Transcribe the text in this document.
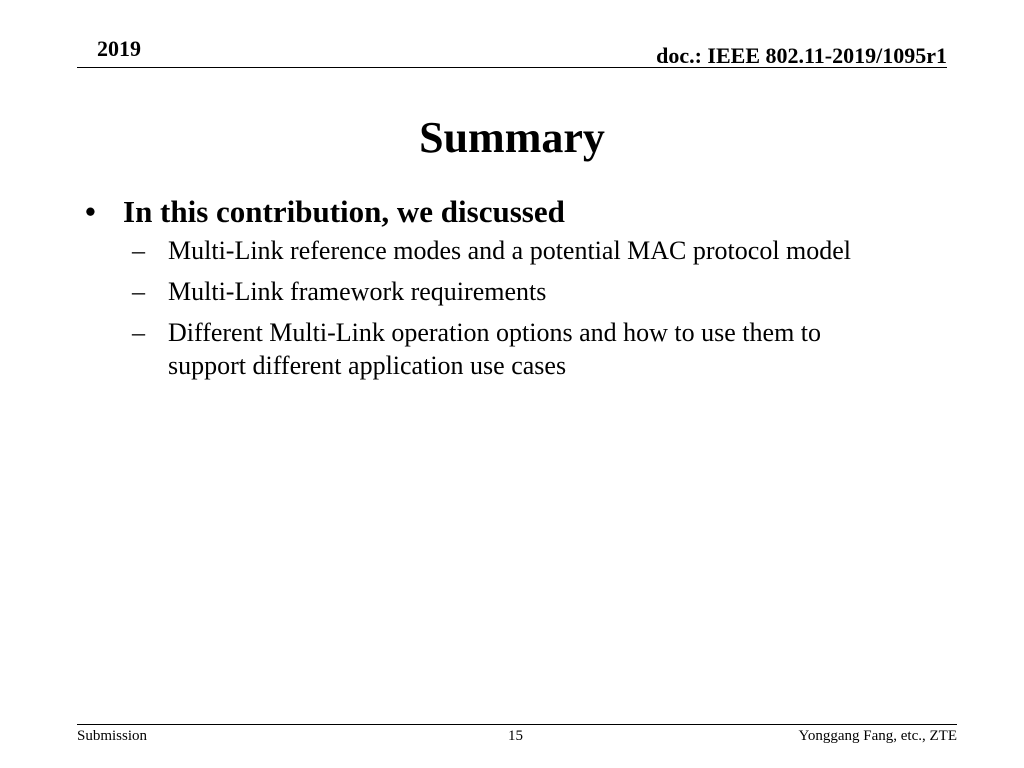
2019	doc.: IEEE 802.11-2019/1095r1
Summary
• In this contribution, we discussed
– Multi-Link reference modes and a potential MAC protocol model
– Multi-Link framework requirements
– Different Multi-Link operation options and how to use them to support different application use cases
Submission	15	Yonggang Fang, etc., ZTE
